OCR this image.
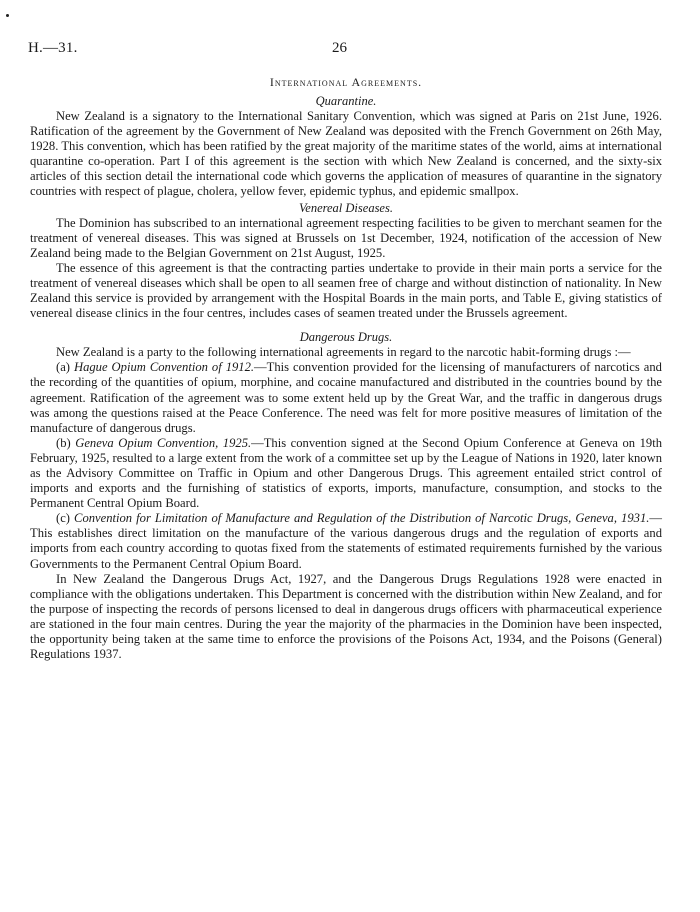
H.—31.	26
International Agreements.
Quarantine.

New Zealand is a signatory to the International Sanitary Convention, which was signed at Paris on 21st June, 1926. Ratification of the agreement by the Government of New Zealand was deposited with the French Government on 26th May, 1928. This convention, which has been ratified by the great majority of the maritime states of the world, aims at international quarantine co-operation. Part I of this agreement is the section with which New Zealand is concerned, and the sixty-six articles of this section detail the international code which governs the application of measures of quarantine in the signatory countries with respect of plague, cholera, yellow fever, epidemic typhus, and epidemic smallpox.

Venereal Diseases.

The Dominion has subscribed to an international agreement respecting facilities to be given to merchant seamen for the treatment of venereal diseases. This was signed at Brussels on 1st December, 1924, notification of the accession of New Zealand being made to the Belgian Government on 21st August, 1925.

The essence of this agreement is that the contracting parties undertake to provide in their main ports a service for the treatment of venereal diseases which shall be open to all seamen free of charge and without distinction of nationality. In New Zealand this service is provided by arrangement with the Hospital Boards in the main ports, and Table E, giving statistics of venereal disease clinics in the four centres, includes cases of seamen treated under the Brussels agreement.

Dangerous Drugs.

New Zealand is a party to the following international agreements in regard to the narcotic habit-forming drugs :—

(a) Hague Opium Convention of 1912.—This convention provided for the licensing of manufacturers of narcotics and the recording of the quantities of opium, morphine, and cocaine manufactured and distributed in the countries bound by the agreement. Ratification of the agreement was to some extent held up by the Great War, and the traffic in dangerous drugs was among the questions raised at the Peace Conference. The need was felt for more positive measures of limitation of the manufacture of dangerous drugs.

(b) Geneva Opium Convention, 1925.—This convention signed at the Second Opium Conference at Geneva on 19th February, 1925, resulted to a large extent from the work of a committee set up by the League of Nations in 1920, later known as the Advisory Committee on Traffic in Opium and other Dangerous Drugs. This agreement entailed strict control of imports and exports and the furnishing of statistics of exports, imports, manufacture, consumption, and stocks to the Permanent Central Opium Board.

(c) Convention for Limitation of Manufacture and Regulation of the Distribution of Narcotic Drugs, Geneva, 1931.—This establishes direct limitation on the manufacture of the various dangerous drugs and the regulation of exports and imports from each country according to quotas fixed from the statements of estimated requirements furnished by the various Governments to the Permanent Central Opium Board.

In New Zealand the Dangerous Drugs Act, 1927, and the Dangerous Drugs Regulations 1928 were enacted in compliance with the obligations undertaken. This Department is concerned with the distribution within New Zealand, and for the purpose of inspecting the records of persons licensed to deal in dangerous drugs officers with pharmaceutical experience are stationed in the four main centres. During the year the majority of the pharmacies in the Dominion have been inspected, the opportunity being taken at the same time to enforce the provisions of the Poisons Act, 1934, and the Poisons (General) Regulations 1937.
